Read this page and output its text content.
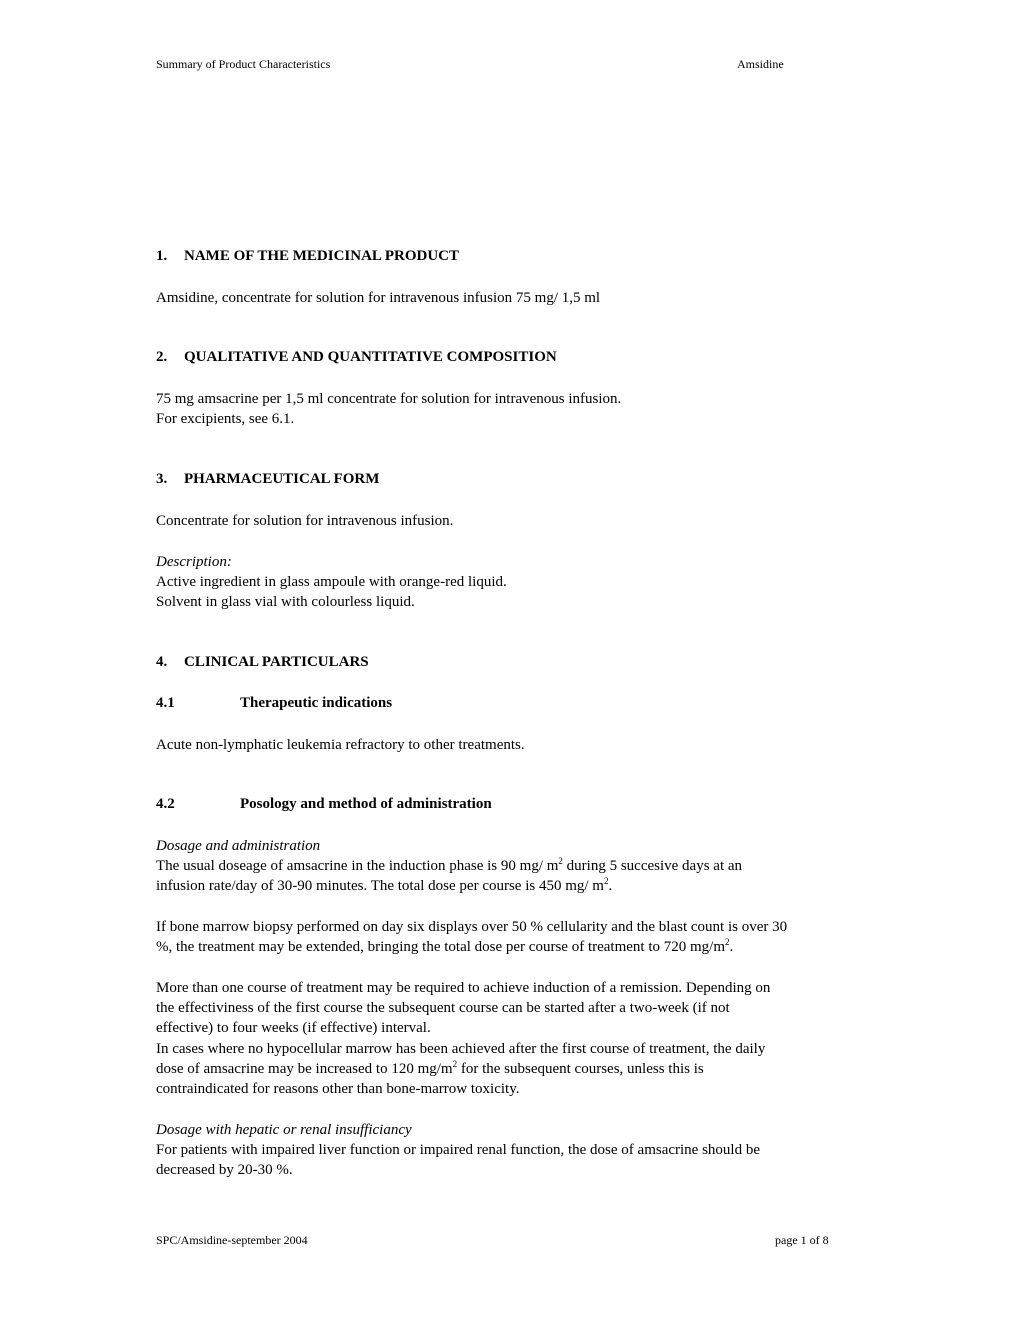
Summary of Product Characteristics	Amsidine
1. NAME OF THE MEDICINAL PRODUCT
Amsidine, concentrate for solution for intravenous infusion 75 mg/ 1,5 ml
2. QUALITATIVE AND QUANTITATIVE COMPOSITION
75 mg amsacrine per 1,5 ml concentrate for solution for intravenous infusion.
For excipients, see 6.1.
3. PHARMACEUTICAL FORM
Concentrate for solution for intravenous infusion.
Description:
Active ingredient in glass ampoule with orange-red liquid.
Solvent in glass vial with colourless liquid.
4. CLINICAL PARTICULARS
4.1	Therapeutic indications
Acute non-lymphatic leukemia refractory to other treatments.
4.2	Posology and method of administration
Dosage and administration
The usual doseage of amsacrine in the induction phase is 90 mg/ $m^2$ during 5 succesive days at an
infusion rate/day of 30-90 minutes. The total dose per course is 450 mg/ $m^2$.
If bone marrow biopsy performed on day six displays over 50 % cellularity and the blast count is over 30
%, the treatment may be extended, bringing the total dose per course of treatment to 720 $mg/m^2$.
More than one course of treatment may be required to achieve induction of a remission. Depending on
the effectiviness of the first course the subsequent course can be started after a two-week (if not
effective) to four weeks (if effective) interval.
In cases where no hypocellular marrow has been achieved after the first course of treatment, the daily
dose of amsacrine may be increased to 120 $mg/m^2$ for the subsequent courses, unless this is
contraindicated for reasons other than bone-marrow toxicity.
Dosage with hepatic or renal insufficiancy
For patients with impaired liver function or impaired renal function, the dose of amsacrine should be
decreased by 20-30 %.
SPC/Amsidine-september 2004	page 1 of 8
